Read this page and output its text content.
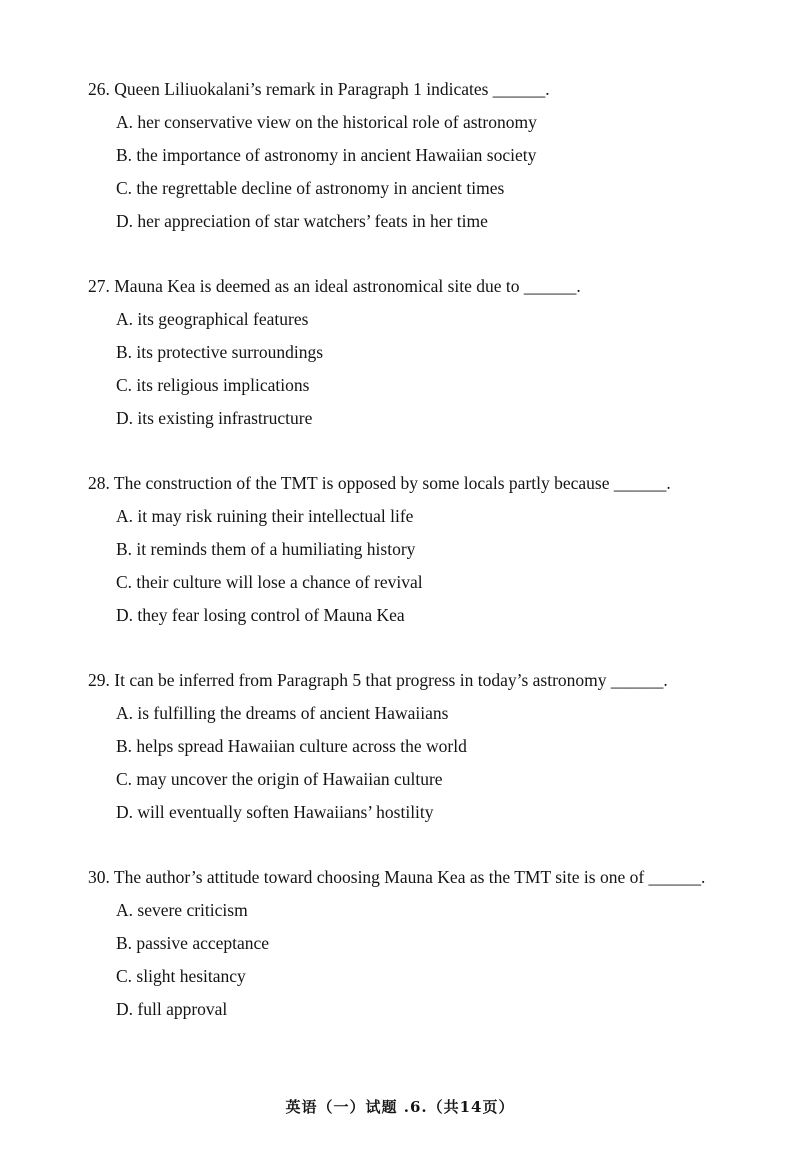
26. Queen Liliuokalani’s remark in Paragraph 1 indicates ______.
A. her conservative view on the historical role of astronomy
B. the importance of astronomy in ancient Hawaiian society
C. the regrettable decline of astronomy in ancient times
D. her appreciation of star watchers’ feats in her time
27. Mauna Kea is deemed as an ideal astronomical site due to ______.
A. its geographical features
B. its protective surroundings
C. its religious implications
D. its existing infrastructure
28. The construction of the TMT is opposed by some locals partly because ______.
A. it may risk ruining their intellectual life
B. it reminds them of a humiliating history
C. their culture will lose a chance of revival
D. they fear losing control of Mauna Kea
29. It can be inferred from Paragraph 5 that progress in today’s astronomy ______.
A. is fulfilling the dreams of ancient Hawaiians
B. helps spread Hawaiian culture across the world
C. may uncover the origin of Hawaiian culture
D. will eventually soften Hawaiians’ hostility
30. The author’s attitude toward choosing Mauna Kea as the TMT site is one of ______.
A. severe criticism
B. passive acceptance
C. slight hesitancy
D. full approval
英语（一）试题 .6.（共14页）
